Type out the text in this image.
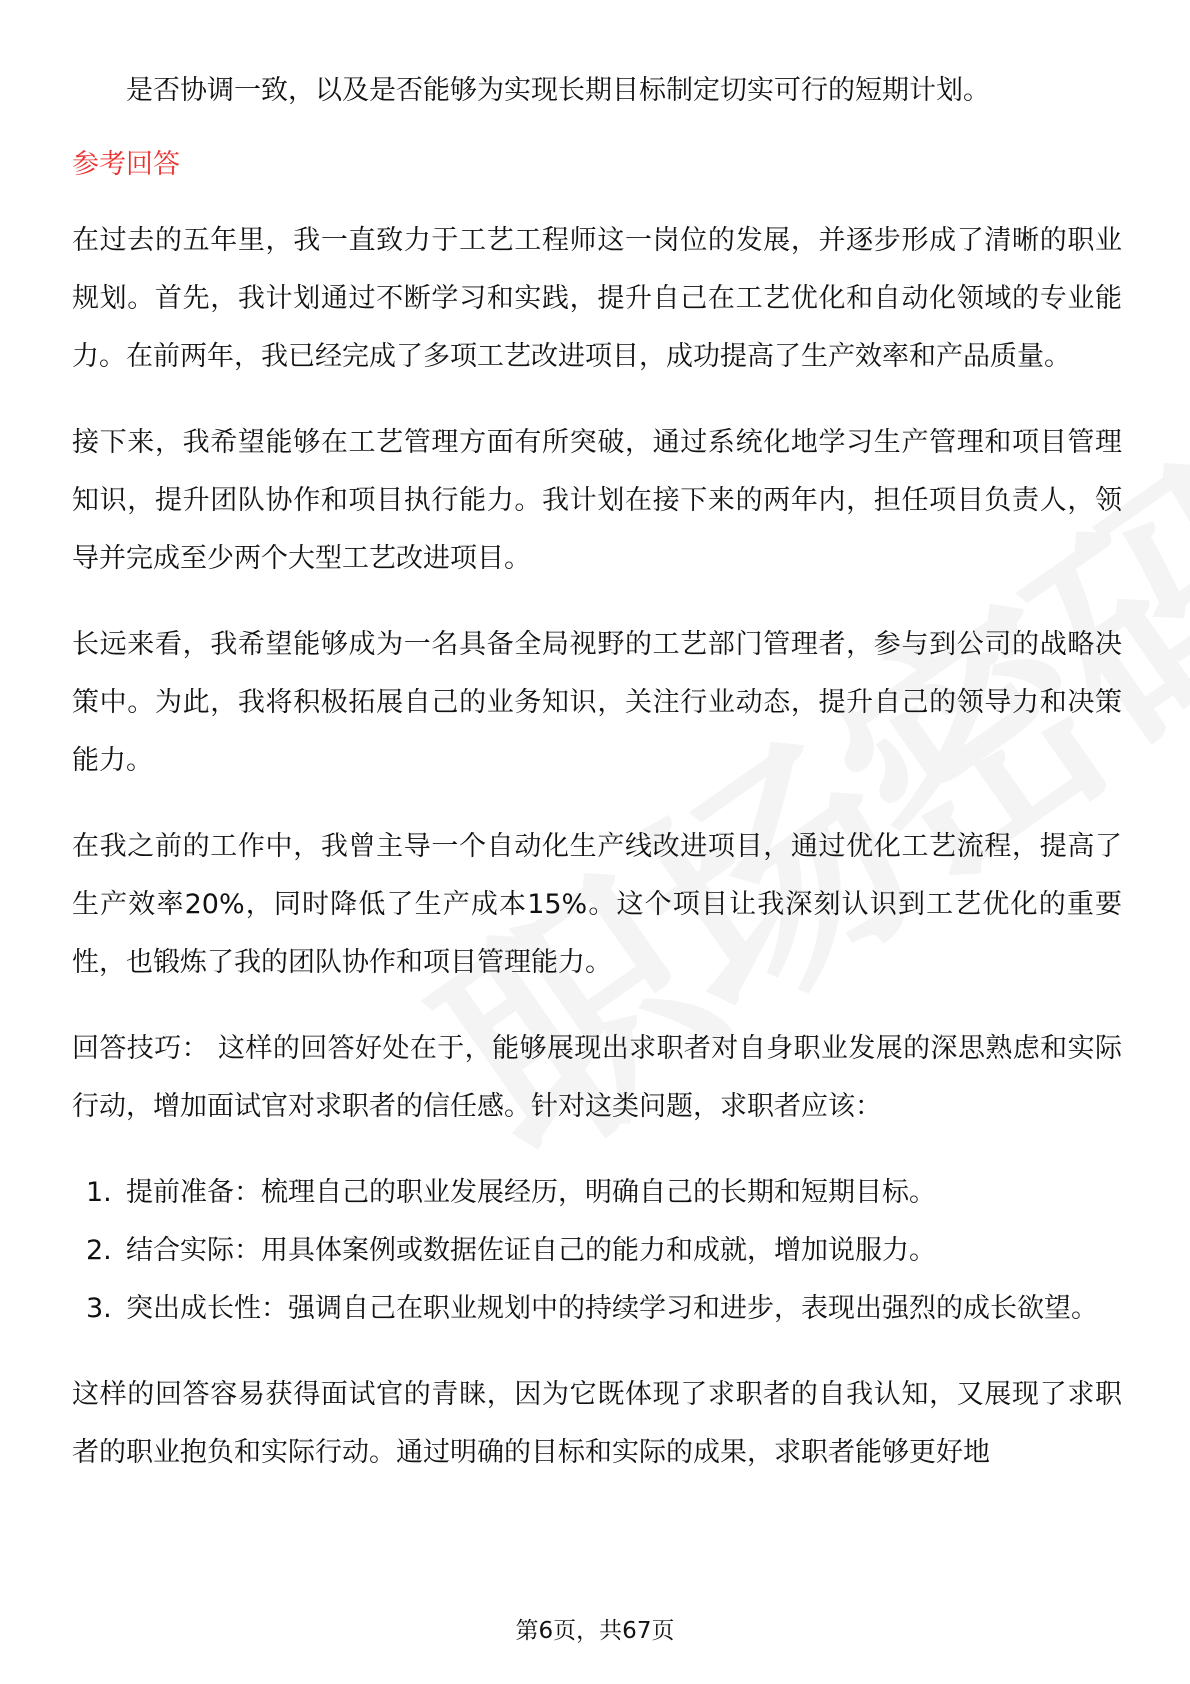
是否协调一致，以及是否能够为实现长期目标制定切实可行的短期计划。

参考回答

在过去的五年里，我一直致力于工艺工程师这一岗位的发展，并逐步形成了清晰的职业规划。首先，我计划通过不断学习和实践，提升自己在工艺优化和自动化领域的专业能力。在前两年，我已经完成了多项工艺改进项目，成功提高了生产效率和产品质量。

接下来，我希望能够在工艺管理方面有所突破，通过系统化地学习生产管理和项目管理知识，提升团队协作和项目执行能力。我计划在接下来的两年内，担任项目负责人，领导并完成至少两个大型工艺改进项目。

长远来看，我希望能够成为一名具备全局视野的工艺部门管理者，参与到公司的战略决策中。为此，我将积极拓展自己的业务知识，关注行业动态，提升自己的领导力和决策能力。

在我之前的工作中，我曾主导一个自动化生产线改进项目，通过优化工艺流程，提高了生产效率20%，同时降低了生产成本15%。这个项目让我深刻认识到工艺优化的重要性，也锻炼了我的团队协作和项目管理能力。

回答技巧： 这样的回答好处在于，能够展现出求职者对自身职业发展的深思熟虑和实际行动，增加面试官对求职者的信任感。针对这类问题，求职者应该：

1. 提前准备：梳理自己的职业发展经历，明确自己的长期和短期目标。
2. 结合实际：用具体案例或数据佐证自己的能力和成就，增加说服力。
3. 突出成长性：强调自己在职业规划中的持续学习和进步，表现出强烈的成长欲望。

这样的回答容易获得面试官的青睐，因为它既体现了求职者的自我认知，又展现了求职者的职业抱负和实际行动。通过明确的目标和实际的成果，求职者能够更好地

第6页，共67页
